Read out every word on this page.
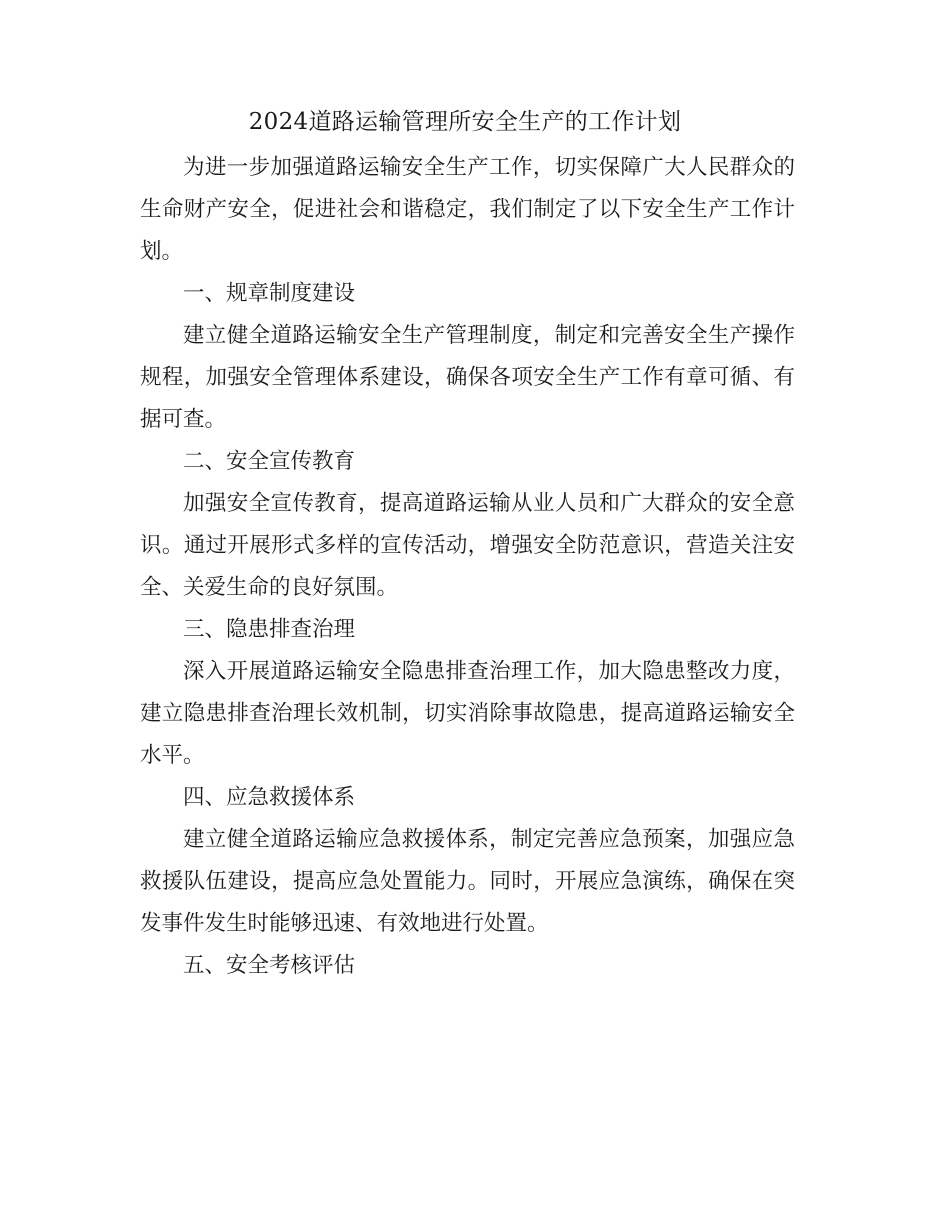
2024道路运输管理所安全生产的工作计划

为进一步加强道路运输安全生产工作，切实保障广大人民群众的生命财产安全，促进社会和谐稳定，我们制定了以下安全生产工作计划。

一、规章制度建设

建立健全道路运输安全生产管理制度，制定和完善安全生产操作规程，加强安全管理体系建设，确保各项安全生产工作有章可循、有据可查。

二、安全宣传教育

加强安全宣传教育，提高道路运输从业人员和广大群众的安全意识。通过开展形式多样的宣传活动，增强安全防范意识，营造关注安全、关爱生命的良好氛围。

三、隐患排查治理

深入开展道路运输安全隐患排查治理工作，加大隐患整改力度，建立隐患排查治理长效机制，切实消除事故隐患，提高道路运输安全水平。

四、应急救援体系

建立健全道路运输应急救援体系，制定完善应急预案，加强应急救援队伍建设，提高应急处置能力。同时，开展应急演练，确保在突发事件发生时能够迅速、有效地进行处置。

五、安全考核评估
